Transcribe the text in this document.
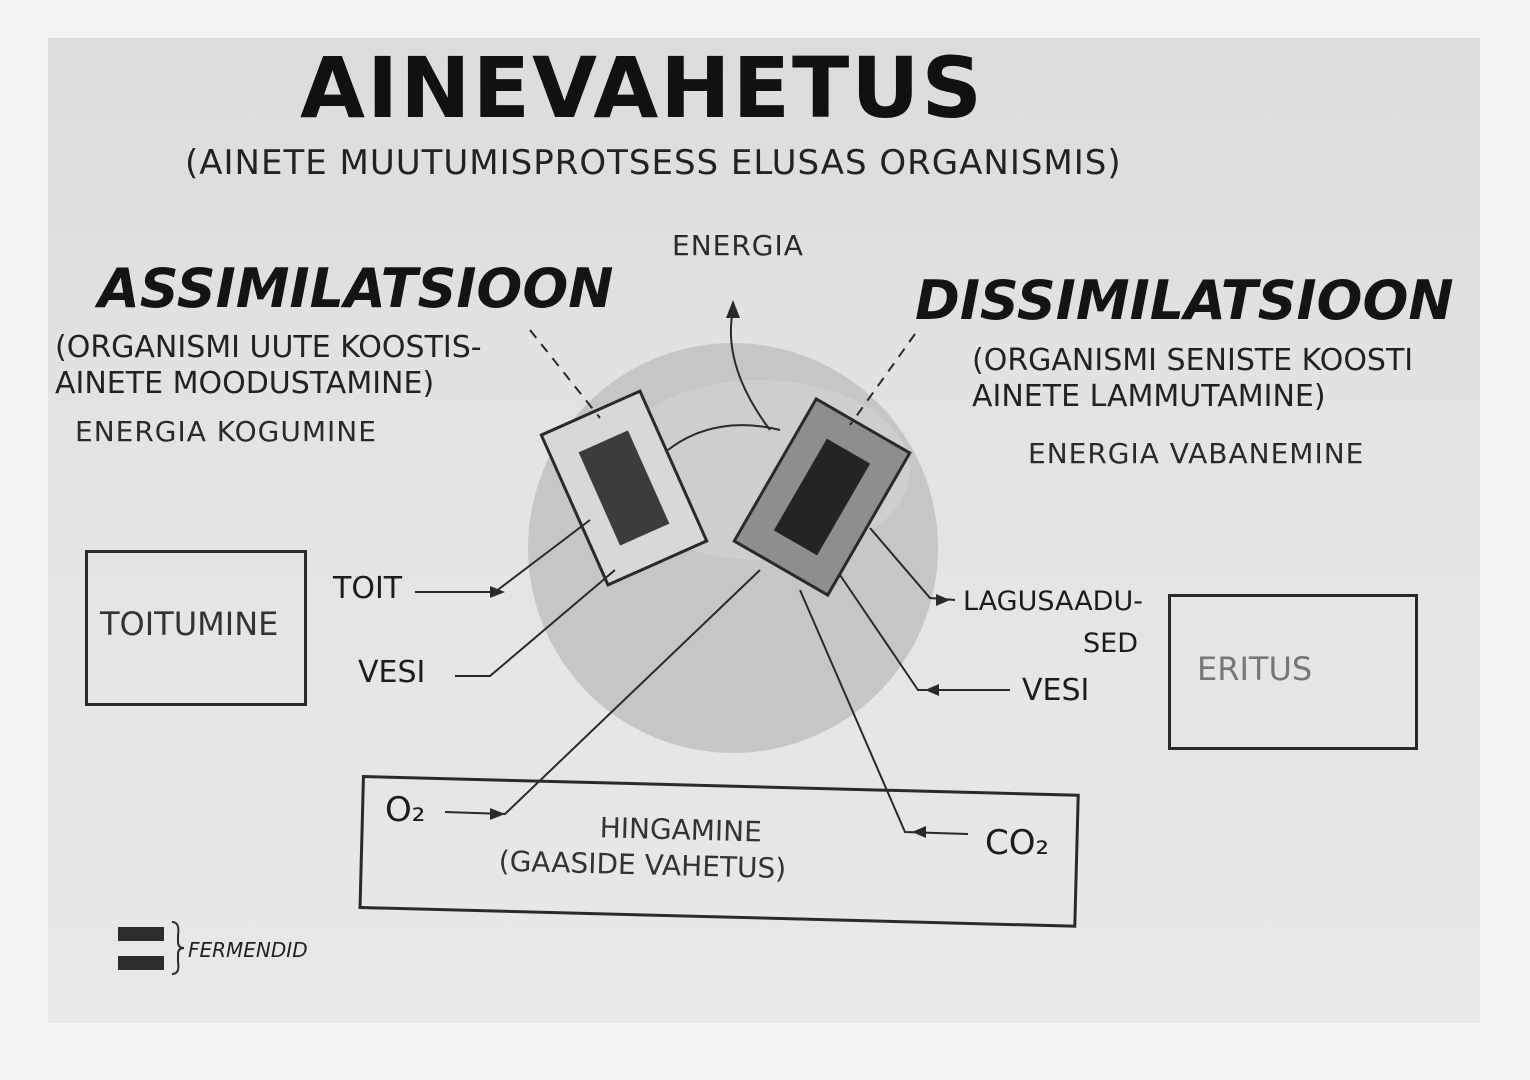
AINEVAHETUS
(AINETE MUUTUMISPROTSESS ELUSAS ORGANISMIS)
ENERGIA
ASSIMILATSIOON
(ORGANISMI UUTE KOOSTIS-
AINETE MOODUSTAMINE)
ENERGIA KOGUMINE
DISSIMILATSIOON
(ORGANISMI SENISTE KOOSTI
AINETE LAMMUTAMINE)
ENERGIA VABANEMINE
TOITUMINE
ERITUS
HINGAMINE
(GAASIDE VAHETUS)
TOIT
VESI
LAGUSAADU-
SED
VESI
O₂
CO₂
FERMENDID
